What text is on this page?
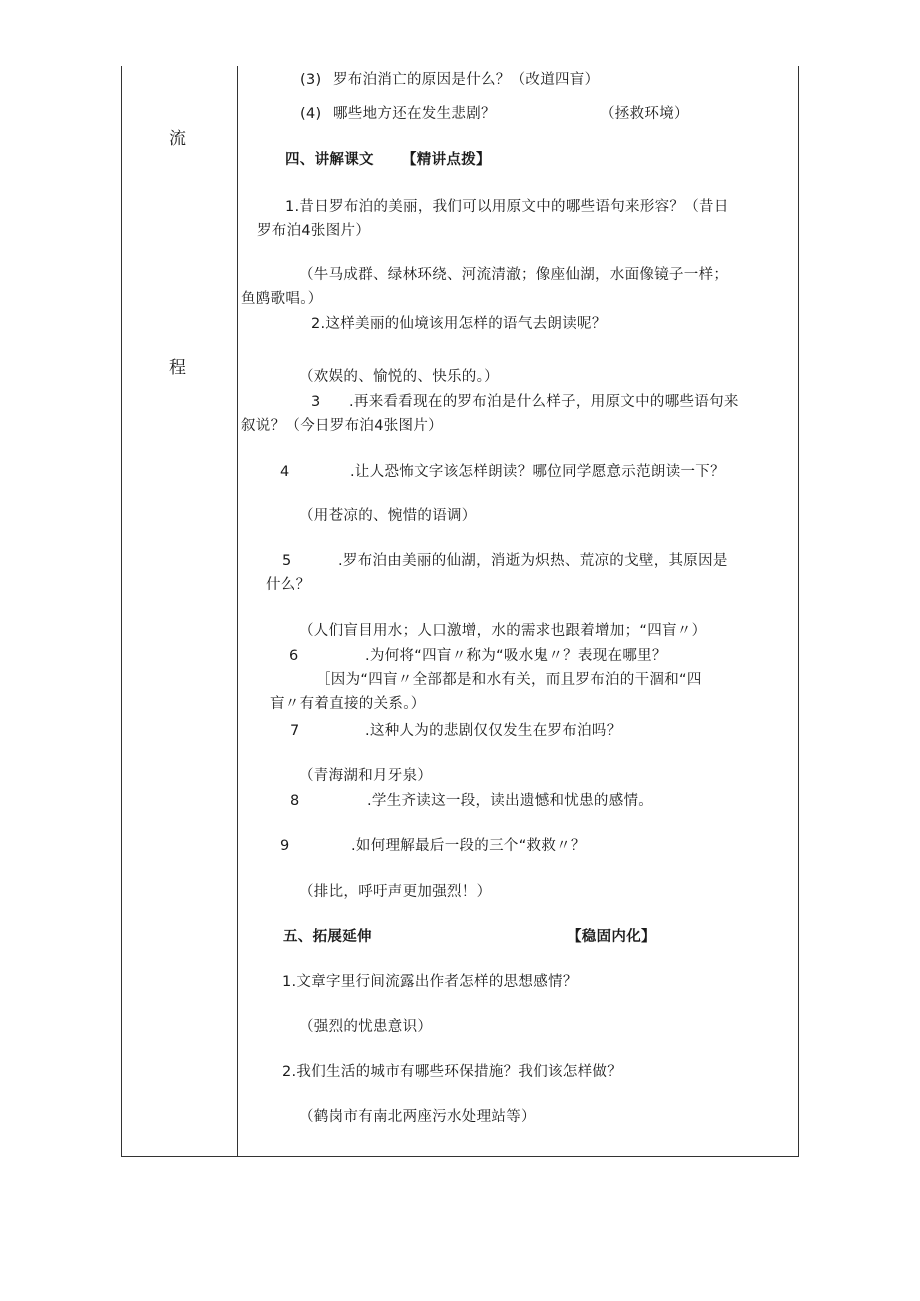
流
程
(3) 罗布泊消亡的原因是什么？（改道四盲）
(4) 哪些地方还在发生悲剧？	（拯救环境）
四、讲解课文 【精讲点拨】
1.昔日罗布泊的美丽，我们可以用原文中的哪些语句来形容？（昔日
罗布泊4张图片）
（牛马成群、绿林环绕、河流清澈；像座仙湖，水面像镜子一样；
鱼鸥歌唱。）
2.这样美丽的仙境该用怎样的语气去朗读呢？
（欢娱的、愉悦的、快乐的。）
3 .再来看看现在的罗布泊是什么样子，用原文中的哪些语句来
叙说？（今日罗布泊4张图片）
4	.让人恐怖文字该怎样朗读？哪位同学愿意示范朗读一下？
（用苍凉的、惋惜的语调）
5	.罗布泊由美丽的仙湖，消逝为炽热、荒凉的戈壁，其原因是
什么？
（人们盲目用水；人口激增，水的需求也跟着增加；“四盲〃）
6	.为何将“四盲〃称为“吸水鬼〃？表现在哪里？
［因为“四盲〃全部都是和水有关，而且罗布泊的干涸和“四
盲〃有着直接的关系。）
7	.这种人为的悲剧仅仅发生在罗布泊吗？
（青海湖和月牙泉）
8	.学生齐读这一段，读出遗憾和忧患的感情。
9	.如何理解最后一段的三个“救救〃？
（排比，呼吁声更加强烈！）
五、拓展延伸	【稳固内化】
1.文章字里行间流露出作者怎样的思想感情？
（强烈的忧患意识）
2.我们生活的城市有哪些环保措施？我们该怎样做？
（鹤岗市有南北两座污水处理站等）
